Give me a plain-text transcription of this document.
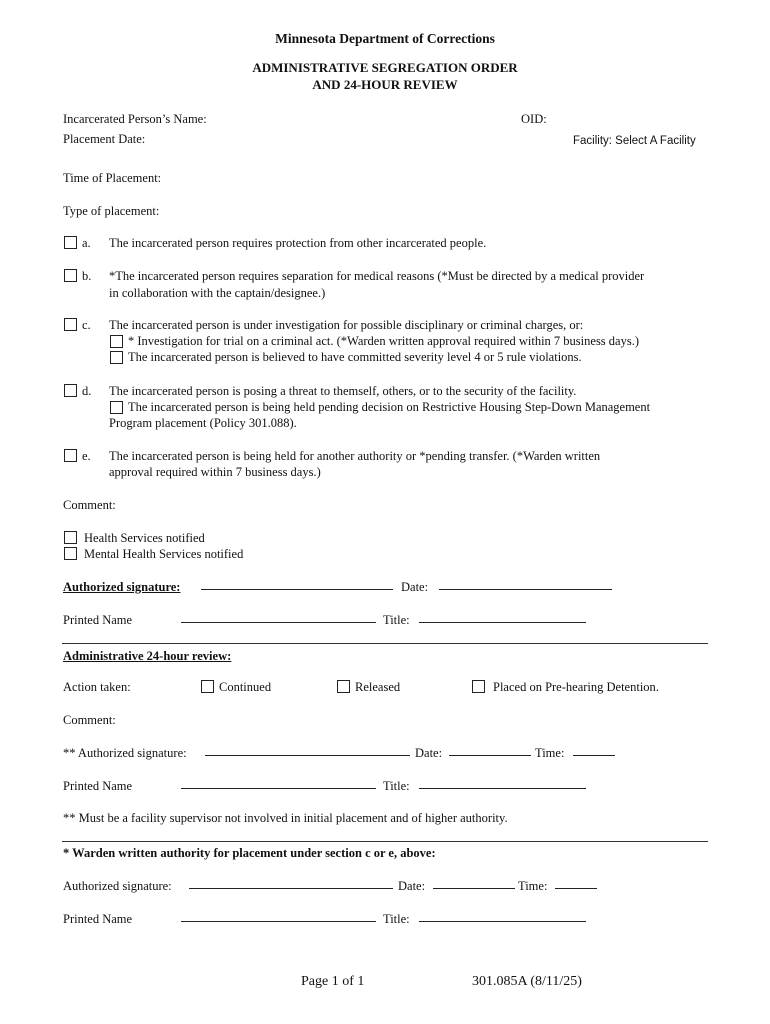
Minnesota Department of Corrections
ADMINISTRATIVE SEGREGATION ORDER
AND 24-HOUR REVIEW
Incarcerated Person’s Name:	OID:
Placement Date:	Facility: Select A Facility
Time of Placement:
Type of placement:
a. The incarcerated person requires protection from other incarcerated people.
b. *The incarcerated person requires separation for medical reasons (*Must be directed by a medical provider
in collaboration with the captain/designee.)
c. The incarcerated person is under investigation for possible disciplinary or criminal charges, or:
* Investigation for trial on a criminal act. (*Warden written approval required within 7 business days.)
The incarcerated person is believed to have committed severity level 4 or 5 rule violations.
d. The incarcerated person is posing a threat to themself, others, or to the security of the facility.
The incarcerated person is being held pending decision on Restrictive Housing Step-Down Management
Program placement (Policy 301.088).
e. The incarcerated person is being held for another authority or *pending transfer. (*Warden written
approval required within 7 business days.)
Comment:
Health Services notified
Mental Health Services notified
Authorized signature:	Date:
Printed Name	Title:
Administrative 24-hour review:
Action taken:	Continued	Released	Placed on Pre-hearing Detention.
Comment:
** Authorized signature:	Date:	Time:
Printed Name	Title:
** Must be a facility supervisor not involved in initial placement and of higher authority.
* Warden written authority for placement under section c or e, above:
Authorized signature:	Date:	Time:
Printed Name	Title:
Page 1 of 1	301.085A (8/11/25)
